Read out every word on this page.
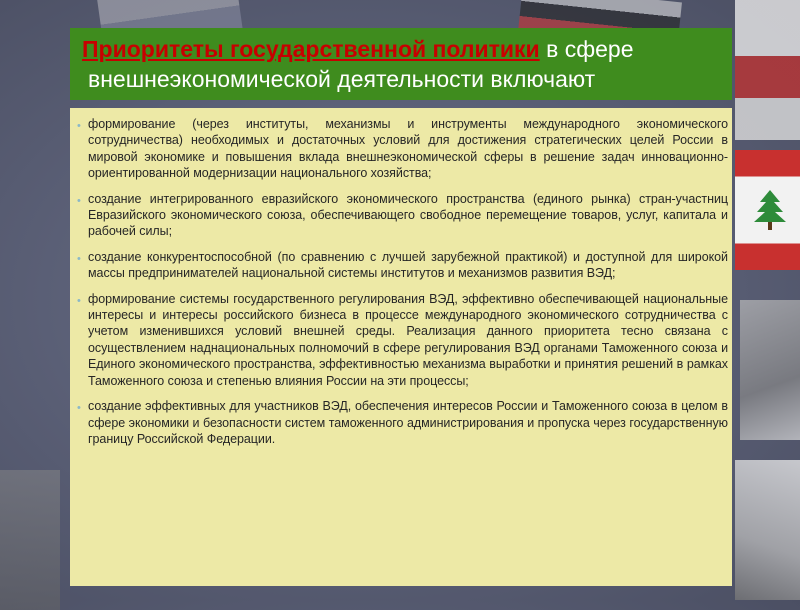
Приоритеты государственной политики в сфере
внешнеэкономической деятельности включают
• формирование (через институты, механизмы и инструменты международного экономического сотрудничества) необходимых и достаточных условий для достижения стратегических целей России в мировой экономике и повышения вклада внешнеэкономической сферы в решение задач инновационно-ориентированной модернизации национального хозяйства;
• создание интегрированного евразийского экономического пространства (единого рынка) стран-участниц Евразийского экономического союза, обеспечивающего свободное перемещение товаров, услуг, капитала и рабочей силы;
• создание конкурентоспособной (по сравнению с лучшей зарубежной практикой) и доступной для широкой массы предпринимателей национальной системы институтов и механизмов развития ВЭД;
• формирование системы государственного регулирования ВЭД, эффективно обеспечивающей национальные интересы и интересы российского бизнеса в процессе международного экономического сотрудничества с учетом изменившихся условий внешней среды. Реализация данного приоритета тесно связана с осуществлением наднациональных полномочий в сфере регулирования ВЭД органами Таможенного союза и Единого экономического пространства, эффективностью механизма выработки и принятия решений в рамках Таможенного союза и степенью влияния России на эти процессы;
• создание эффективных для участников ВЭД, обеспечения интересов России и Таможенного союза в целом в сфере экономики и безопасности систем таможенного администрирования и пропуска через государственную границу Российской Федерации.
